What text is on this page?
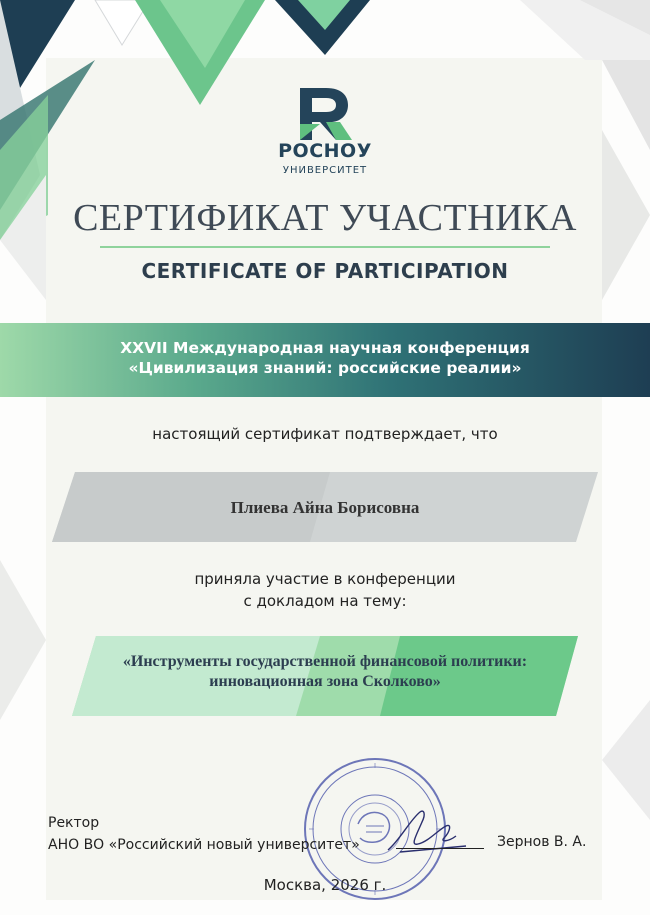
РОСНОУ
УНИВЕРСИТЕТ
СЕРТИФИКАТ УЧАСТНИКА
CERTIFICATE OF PARTICIPATION
XXVII Международная научная конференция
«Цивилизация знаний: российские реалии»
настоящий сертификат подтверждает, что
Плиева Айна Борисовна
приняла участие в конференции
с докладом на тему:
«Инструменты государственной финансовой политики:
инновационная зона Сколково»
Ректор
АНО ВО «Российский новый университет»	Зернов В. А.
Москва, 2026 г.
